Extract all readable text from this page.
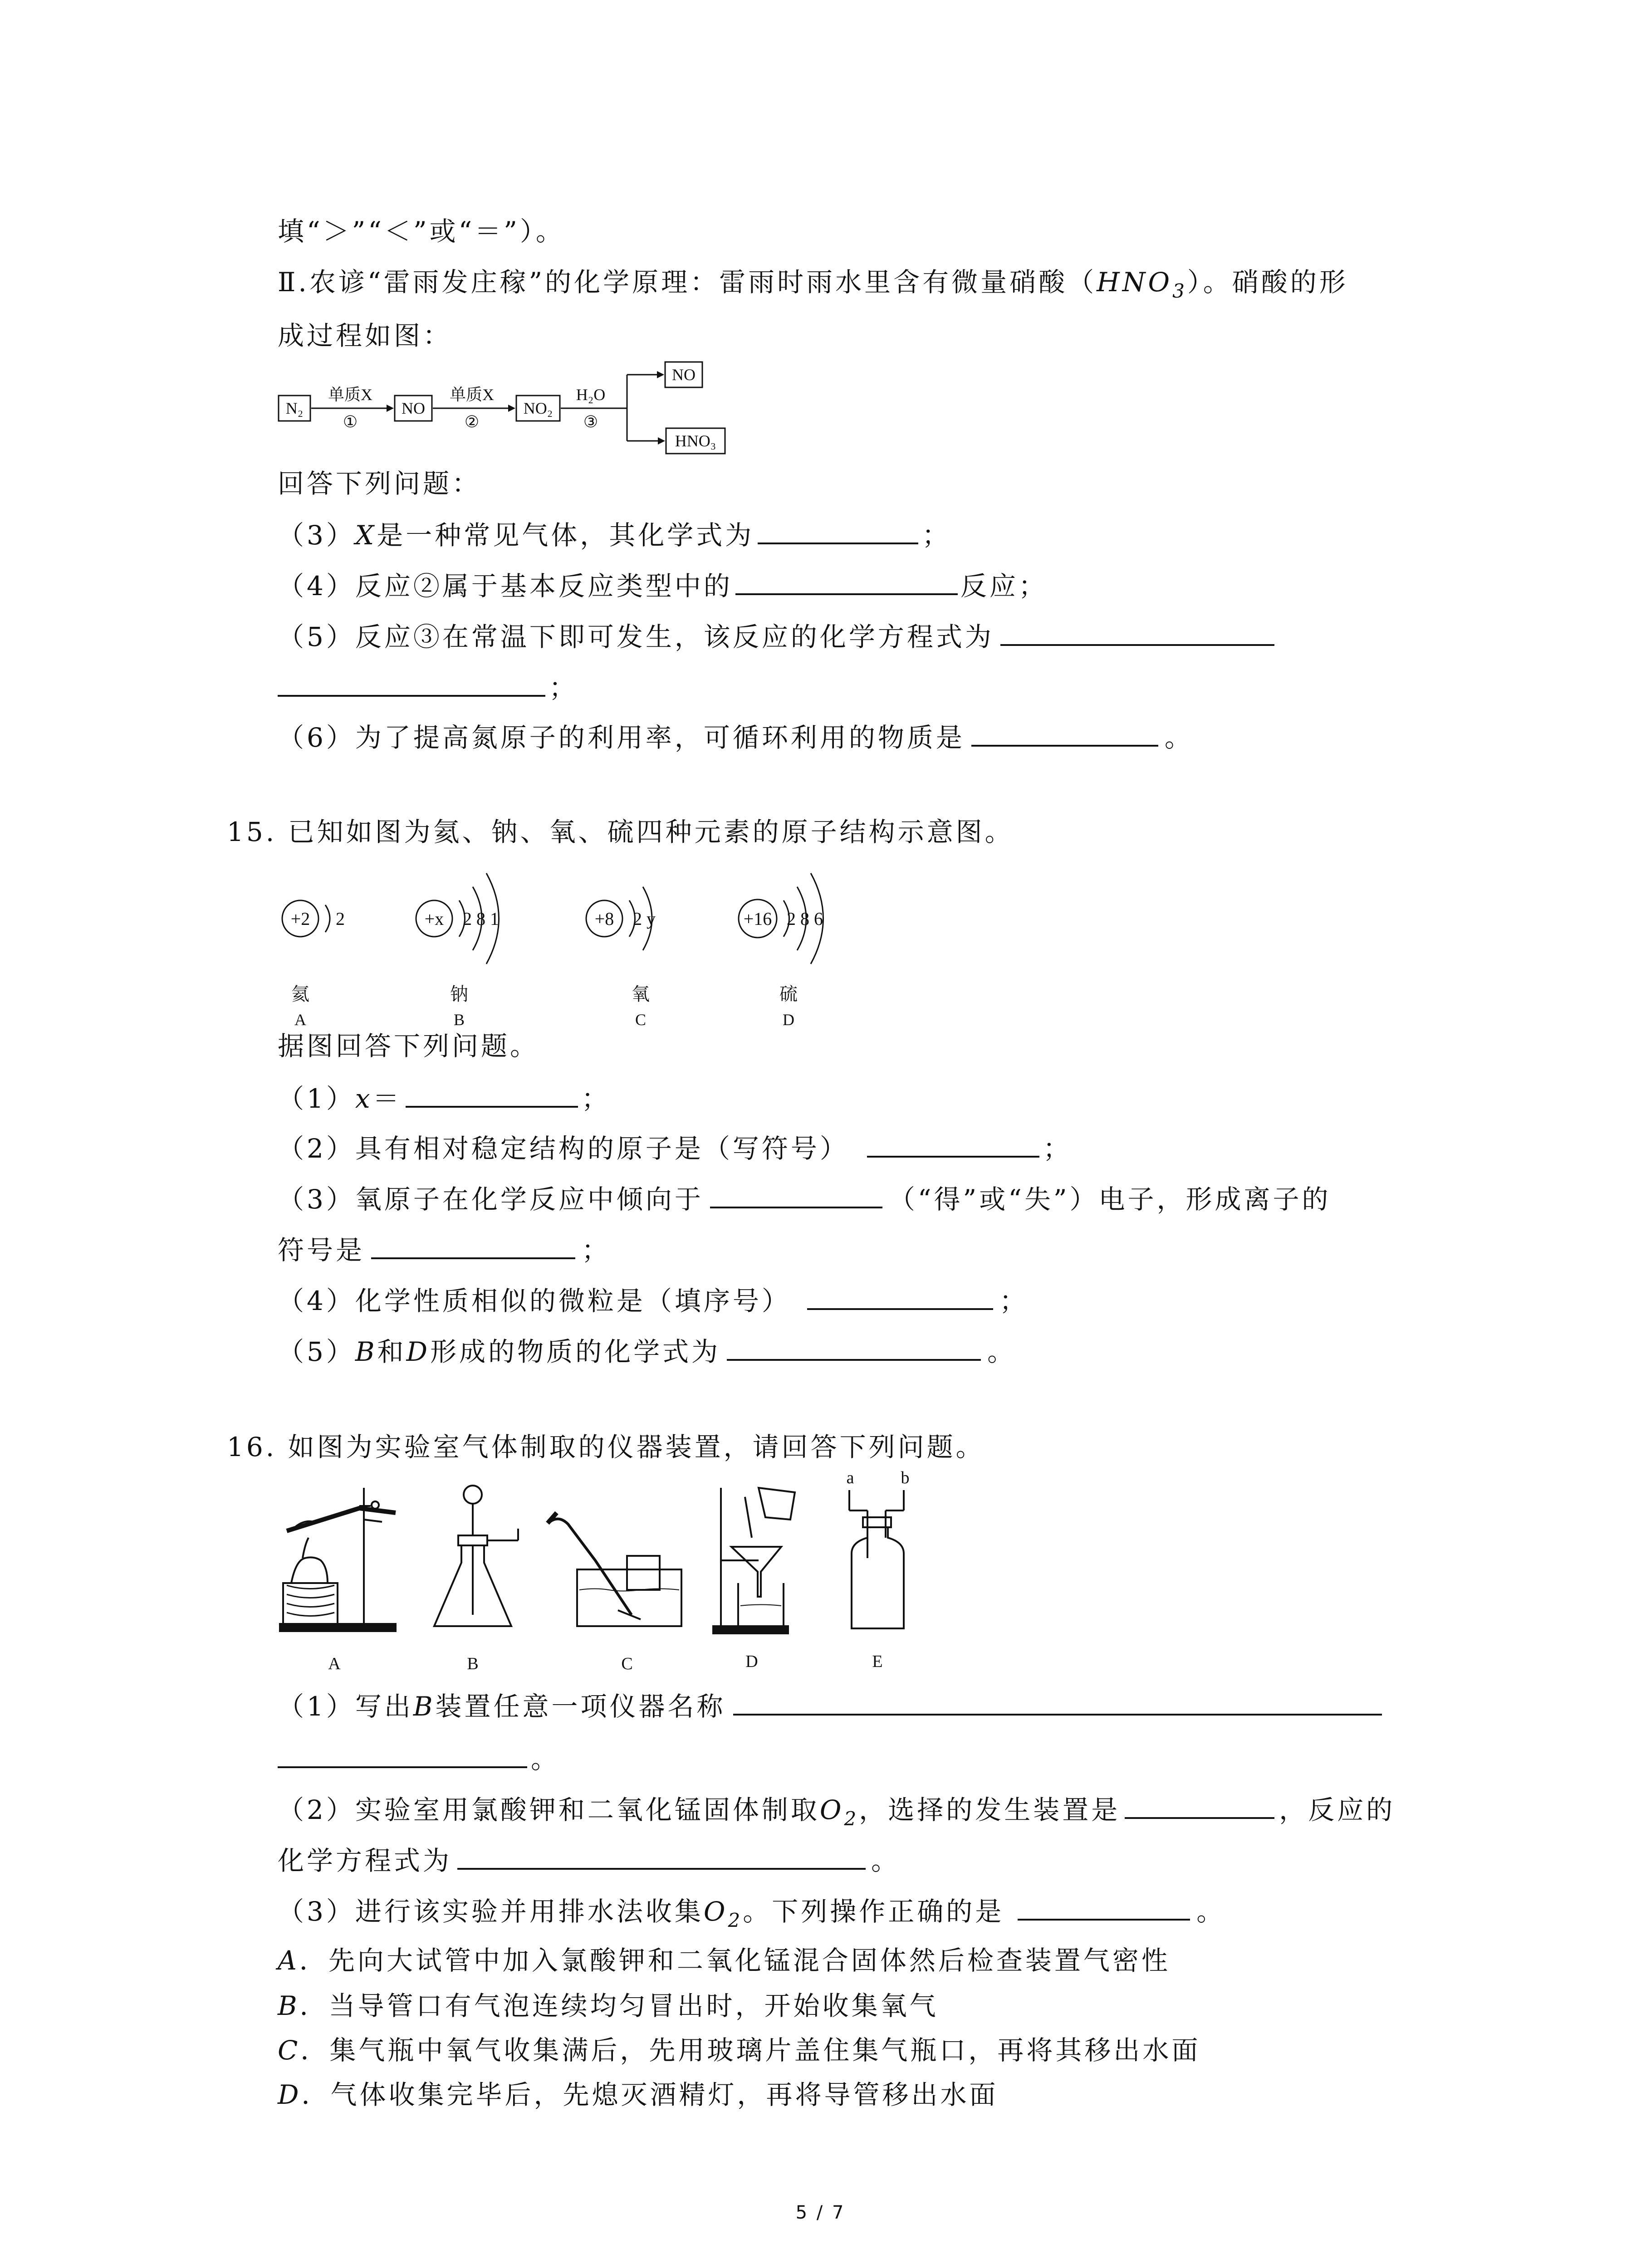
填“＞”“＜”或“＝”）。
Ⅱ.农谚“雷雨发庄稼”的化学原理：雷雨时雨水里含有微量硝酸$(HNO_3)$。硝酸的形
成过程如图：
N₂
单质X
①
NO
单质X
②
NO₂
H₂O
③
NO
HNO₃
回答下列问题：
（3）X是一种常见气体，其化学式为	；
（4）反应②属于基本反应类型中的	反应；
（5）反应③在常温下即可发生，该反应的化学方程式为
；
（6）为了提高氮原子的利用率，可循环利用的物质是	。
15. 已知如图为氦、钠、氧、硫四种元素的原子结构示意图。
+2 2
氦
A
+x 2 8 1
钠
B
+8 2 y
氧
C
+16 2 8 6
硫
D
据图回答下列问题。
（1）x＝	；
（2）具有相对稳定结构的原子是（写符号）	；
（3）氧原子在化学反应中倾向于	（“得”或“失”）电子，形成离子的
符号是	；
（4）化学性质相似的微粒是（填序号）	；
（5）B和D形成的物质的化学式为	。
16. 如图为实验室气体制取的仪器装置，请回答下列问题。
A	B	C	D	E
a	b
（1）写出B装置任意一项仪器名称
。
（2）实验室用氯酸钾和二氧化锰固体制取$O_2$，选择的发生装置是	，反应的
化学方程式为	。
（3）进行该实验并用排水法收集$O_2$。下列操作正确的是	。
A．先向大试管中加入氯酸钾和二氧化锰混合固体然后检查装置气密性
B．当导管口有气泡连续均匀冒出时，开始收集氧气
C．集气瓶中氧气收集满后，先用玻璃片盖住集气瓶口，再将其移出水面
D．气体收集完毕后，先熄灭酒精灯，再将导管移出水面
5 / 7
